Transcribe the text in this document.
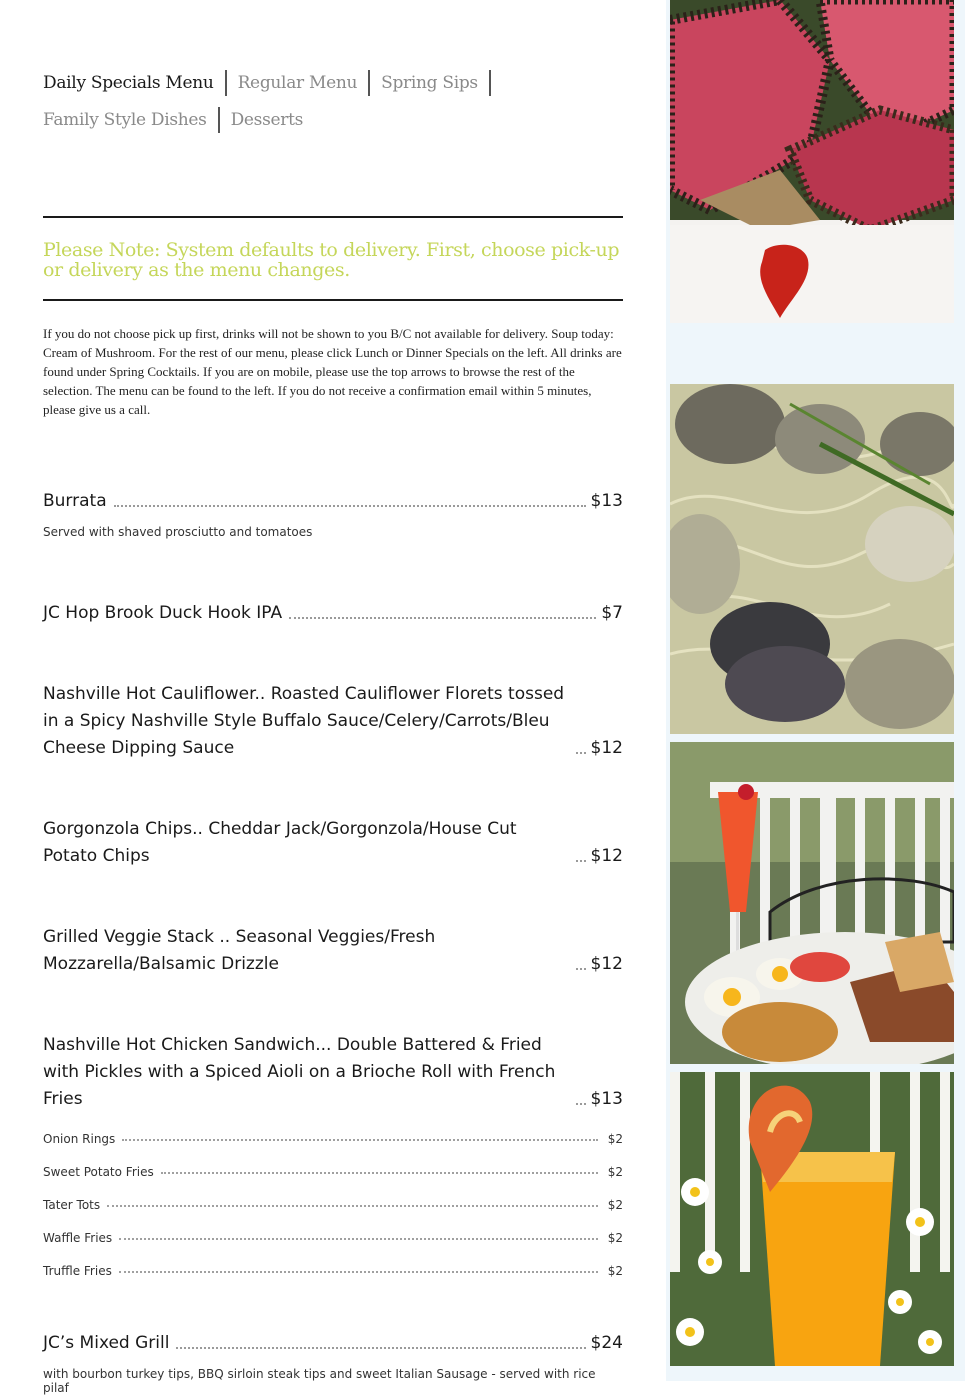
Daily Specials Menu	Regular Menu	Spring Sips
Family Style Dishes	Desserts
Please Note: System defaults to delivery. First, choose pick-up or delivery as the menu changes.
If you do not choose pick up first, drinks will not be shown to you B/C not available for delivery. Soup today: Cream of Mushroom. For the rest of our menu, please click Lunch or Dinner Specials on the left. All drinks are found under Spring Cocktails. If you are on mobile, please use the top arrows to browse the rest of the selection. The menu can be found to the left. If you do not receive a confirmation email within 5 minutes, please give us a call.
Burrata	$13
Served with shaved prosciutto and tomatoes
JC Hop Brook Duck Hook IPA	$7
Nashville Hot Cauliflower.. Roasted Cauliflower Florets tossed in a Spicy Nashville Style Buffalo Sauce/Celery/Carrots/Bleu Cheese Dipping Sauce	$12
Gorgonzola Chips.. Cheddar Jack/Gorgonzola/House Cut Potato Chips	$12
Grilled Veggie Stack .. Seasonal Veggies/Fresh Mozzarella/Balsamic Drizzle	$12
Nashville Hot Chicken Sandwich... Double Battered & Fried with Pickles with a Spiced Aioli on a Brioche Roll with French Fries	$13
Onion Rings	$2
Sweet Potato Fries	$2
Tater Tots	$2
Waffle Fries	$2
Truffle Fries	$2
JC’s Mixed Grill	$24
with bourbon turkey tips, BBQ sirloin steak tips and sweet Italian Sausage - served with rice pilaf
